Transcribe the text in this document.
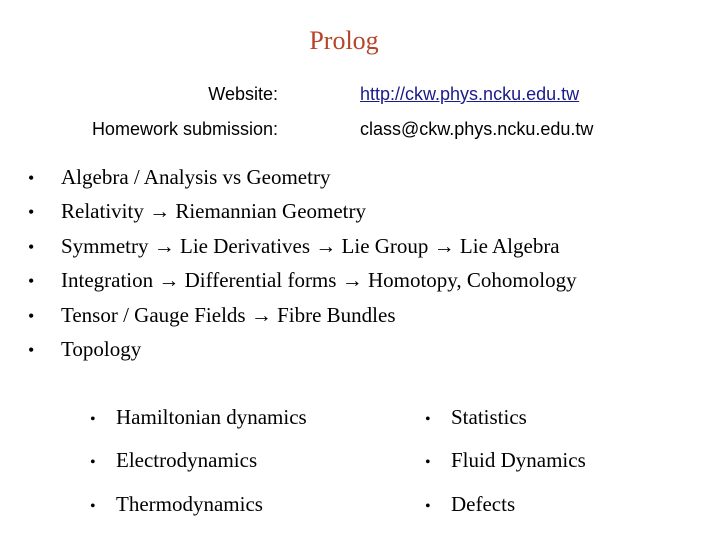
Prolog
Website:	http://ckw.phys.ncku.edu.tw
Homework submission:	class@ckw.phys.ncku.edu.tw
• Algebra / Analysis vs Geometry
• Relativity → Riemannian Geometry
• Symmetry → Lie Derivatives → Lie Group → Lie Algebra
• Integration → Differential forms → Homotopy, Cohomology
• Tensor / Gauge Fields → Fibre Bundles
• Topology
• Hamiltonian dynamics
• Electrodynamics
• Thermodynamics
• Statistics
• Fluid Dynamics
• Defects
